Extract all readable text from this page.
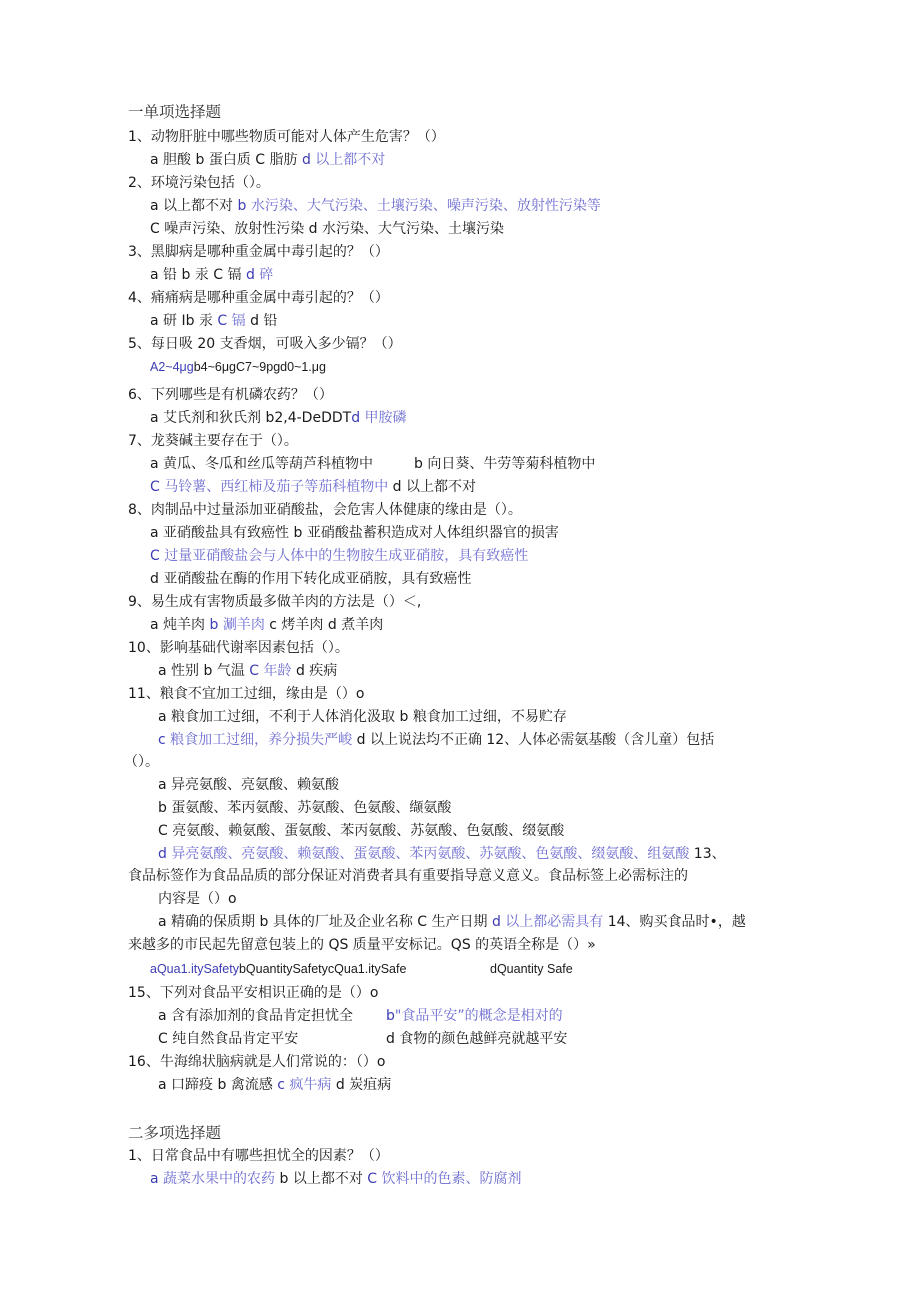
一单项选择题
1、动物肝脏中哪些物质可能对人体产生危害？（）
a 胆酸 b 蛋白质 C 脂肪 d 以上都不对
2、环境污染包括（）。
a 以上都不对 b 水污染、大气污染、土壤污染、噪声污染、放射性污染等
C 噪声污染、放射性污染 d 水污染、大气污染、土壤污染
3、黑脚病是哪种重金属中毒引起的？（）
a 铅 b 汞 C 镉 d 碎
4、痛痛病是哪种重金属中毒引起的？（）
a 研 Ib 汞 C 镉 d 铅
5、每日吸 20 支香烟，可吸入多少镉？（）
A2~4μgb4~6μgC7~9pgd0~1.μg
6、下列哪些是有机磷农药？（）
a 艾氏剂和狄氏剂 b2,4-DeDDTd 甲胺磷
7、龙葵碱主要存在于（）。
a 黄瓜、冬瓜和丝瓜等葫芦科植物中	b 向日葵、牛劳等菊科植物中
C 马铃薯、西红柿及茄子等茄科植物中 d 以上都不对
8、肉制品中过量添加亚硝酸盐，会危害人体健康的缘由是（）。
a 亚硝酸盐具有致癌性 b 亚硝酸盐蓄积造成对人体组织器官的损害
C 过量亚硝酸盐会与人体中的生物胺生成亚硝胺，具有致癌性
d 亚硝酸盐在酶的作用下转化成亚硝胺，具有致癌性
9、易生成有害物质最多做羊肉的方法是（）＜,
a 炖羊肉 b 涮羊肉 c 烤羊肉 d 煮羊肉
10、影响基础代谢率因素包括（）。
a 性别 b 气温 C 年龄 d 疾病
11、粮食不宜加工过细，缘由是（）o
a 粮食加工过细，不利于人体消化汲取 b 粮食加工过细，不易贮存
c 粮食加工过细，养分损失严峻 d 以上说法均不正确 12、人体必需氨基酸（含儿童）包括
（）。
a 异亮氨酸、亮氨酸、赖氨酸
b 蛋氨酸、苯丙氨酸、苏氨酸、色氨酸、缬氨酸
C 亮氨酸、赖氨酸、蛋氨酸、苯丙氨酸、苏氨酸、色氨酸、缀氨酸
d 异亮氨酸、亮氨酸、赖氨酸、蛋氨酸、苯丙氨酸、苏氨酸、色氨酸、缀氨酸、组氨酸 13、
食品标签作为食品品质的部分保证对消费者具有重要指导意义意义。食品标签上必需标注的
内容是（）o
a 精确的保质期 b 具体的厂址及企业名称 C 生产日期 d 以上都必需具有 14、购买食品时•，越
来越多的市民起先留意包装上的 QS 质量平安标记。QS 的英语全称是（）»
aQua1.itySafetybQuantitySafetycQua1.itySafe	dQuantity Safe
15、下列对食品平安相识正确的是（）o
a 含有添加剂的食品肯定担忧全 b"食品平安”的概念是相对的
C 纯自然食品肯定平安	d 食物的颜色越鲜亮就越平安
16、牛海绵状脑病就是人们常说的：（）o
a 口蹄疫 b 禽流感 c 疯牛病 d 炭疽病
二多项选择题
1、日常食品中有哪些担忧全的因素？（）
a 蔬菜水果中的农药 b 以上都不对 C 饮料中的色素、防腐剂
